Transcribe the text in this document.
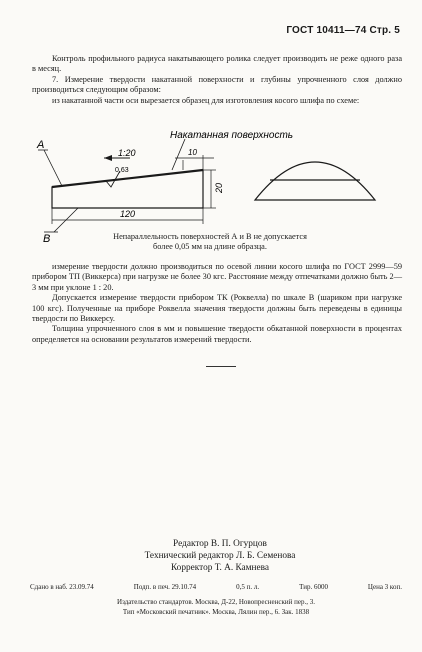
ГОСТ 10411—74 Стр. 5

Контроль профильного радиуса накатывающего ролика следует производить не реже одного раза в месяц.

7. Измерение твердости накатанной поверхности и глубины упрочненного слоя должно производиться следующим образом:

из накатанной части оси вырезается образец для изготовления косого шлифа по схеме:

Накатанная поверхность
А
В
1:20
0,63
10
20
120
Непараллельность поверхностей А и В не допускается
более 0,05 мм на длине образца.

измерение твердости должно производиться по осевой линии косого шлифа по ГОСТ 2999—59 прибором ТП (Виккерса) при нагрузке не более 30 кгс. Расстояние между отпечатками должно быть 2—3 мм при уклоне 1 : 20.

Допускается измерение твердости прибором ТК (Роквелла) по шкале В (шариком при нагрузке 100 кгс). Полученные на приборе Роквелла значения твердости должны быть переведены в единицы твердости по Виккерсу.

Толщина упрочненного слоя в мм и повышение твердости обкатанной поверхности в процентах определяется на основании результатов измерений твердости.

Редактор В. П. Огурцов
Технический редактор Л. Б. Семенова
Корректор Т. А. Камнева
Сдано в наб. 23.09.74	Подп. в печ. 29.10.74	0,5 п. л.	Тир. 6000	Цена 3 коп.
Издательство стандартов. Москва, Д-22, Новопресненский пер., 3.
Тип «Московский печатник». Москва, Лялин пер., 6. Зак. 1838
